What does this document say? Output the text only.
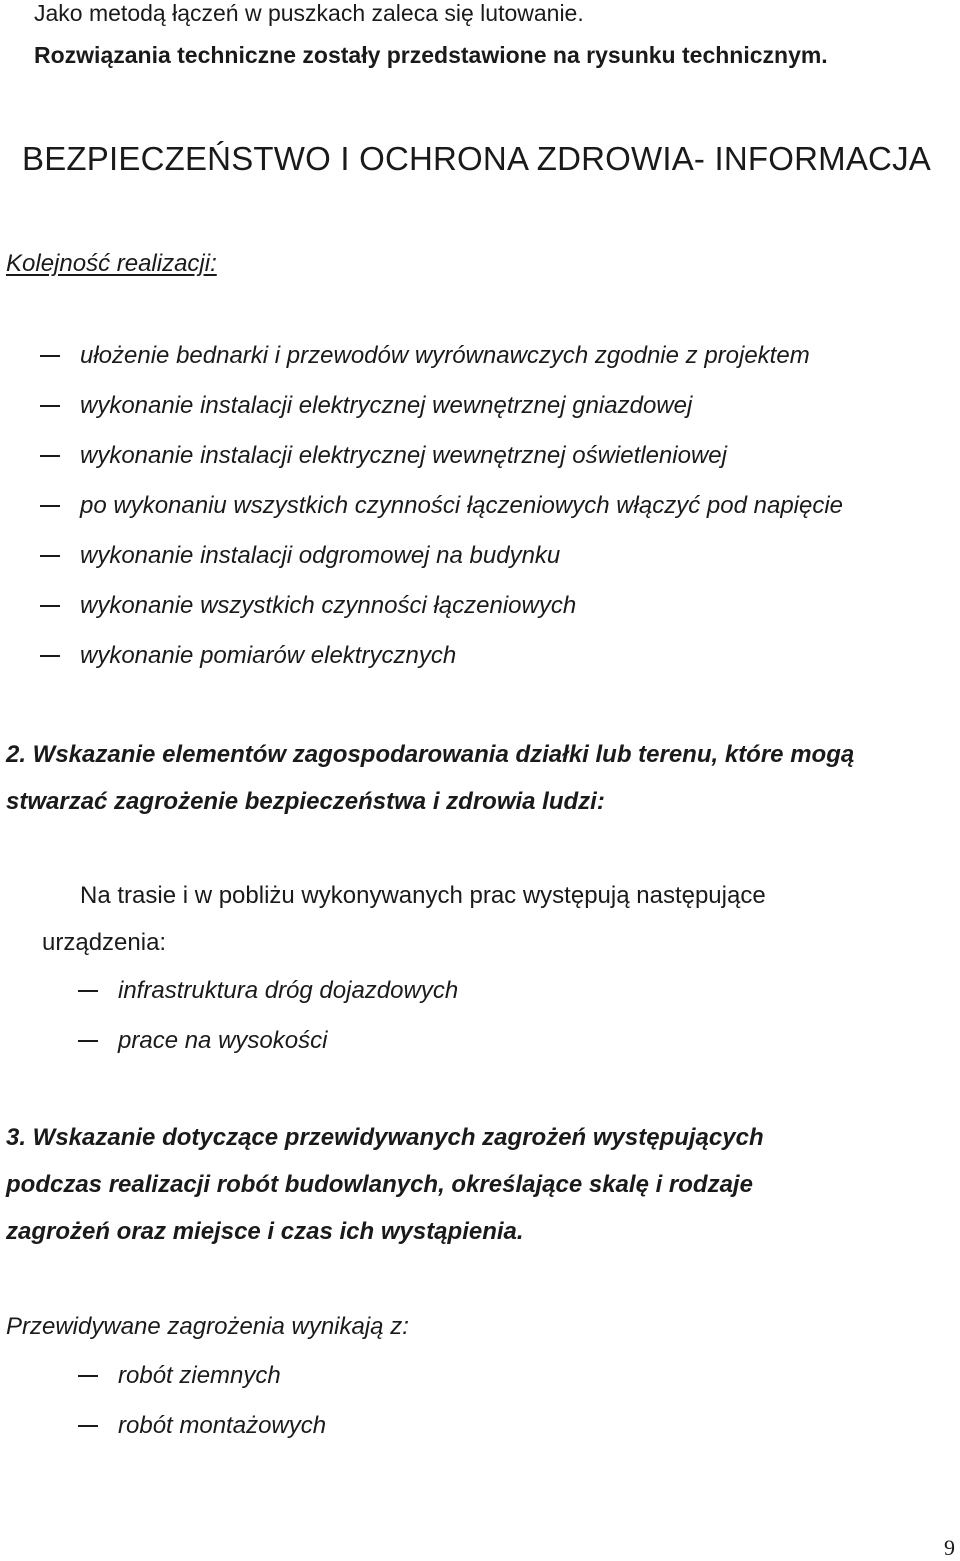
Jako metodą łączeń w puszkach zaleca się lutowanie.
Rozwiązania techniczne zostały przedstawione na rysunku technicznym.
BEZPIECZEŃSTWO I OCHRONA ZDROWIA- INFORMACJA
Kolejność realizacji:
ułożenie bednarki i przewodów wyrównawczych zgodnie z projektem
wykonanie instalacji elektrycznej wewnętrznej gniazdowej
wykonanie instalacji elektrycznej wewnętrznej oświetleniowej
po wykonaniu wszystkich czynności łączeniowych włączyć pod napięcie
wykonanie instalacji odgromowej na budynku
wykonanie wszystkich czynności łączeniowych
wykonanie pomiarów elektrycznych
2. Wskazanie elementów zagospodarowania działki lub terenu, które mogą
stwarzać zagrożenie bezpieczeństwa i zdrowia ludzi:
Na trasie i w pobliżu wykonywanych prac występują następujące
urządzenia:
infrastruktura dróg dojazdowych
prace na wysokości
3. Wskazanie dotyczące przewidywanych zagrożeń występujących
podczas realizacji robót budowlanych, określające skalę i rodzaje
zagrożeń oraz miejsce i czas ich wystąpienia.
Przewidywane zagrożenia wynikają z:
robót ziemnych
robót montażowych
9
